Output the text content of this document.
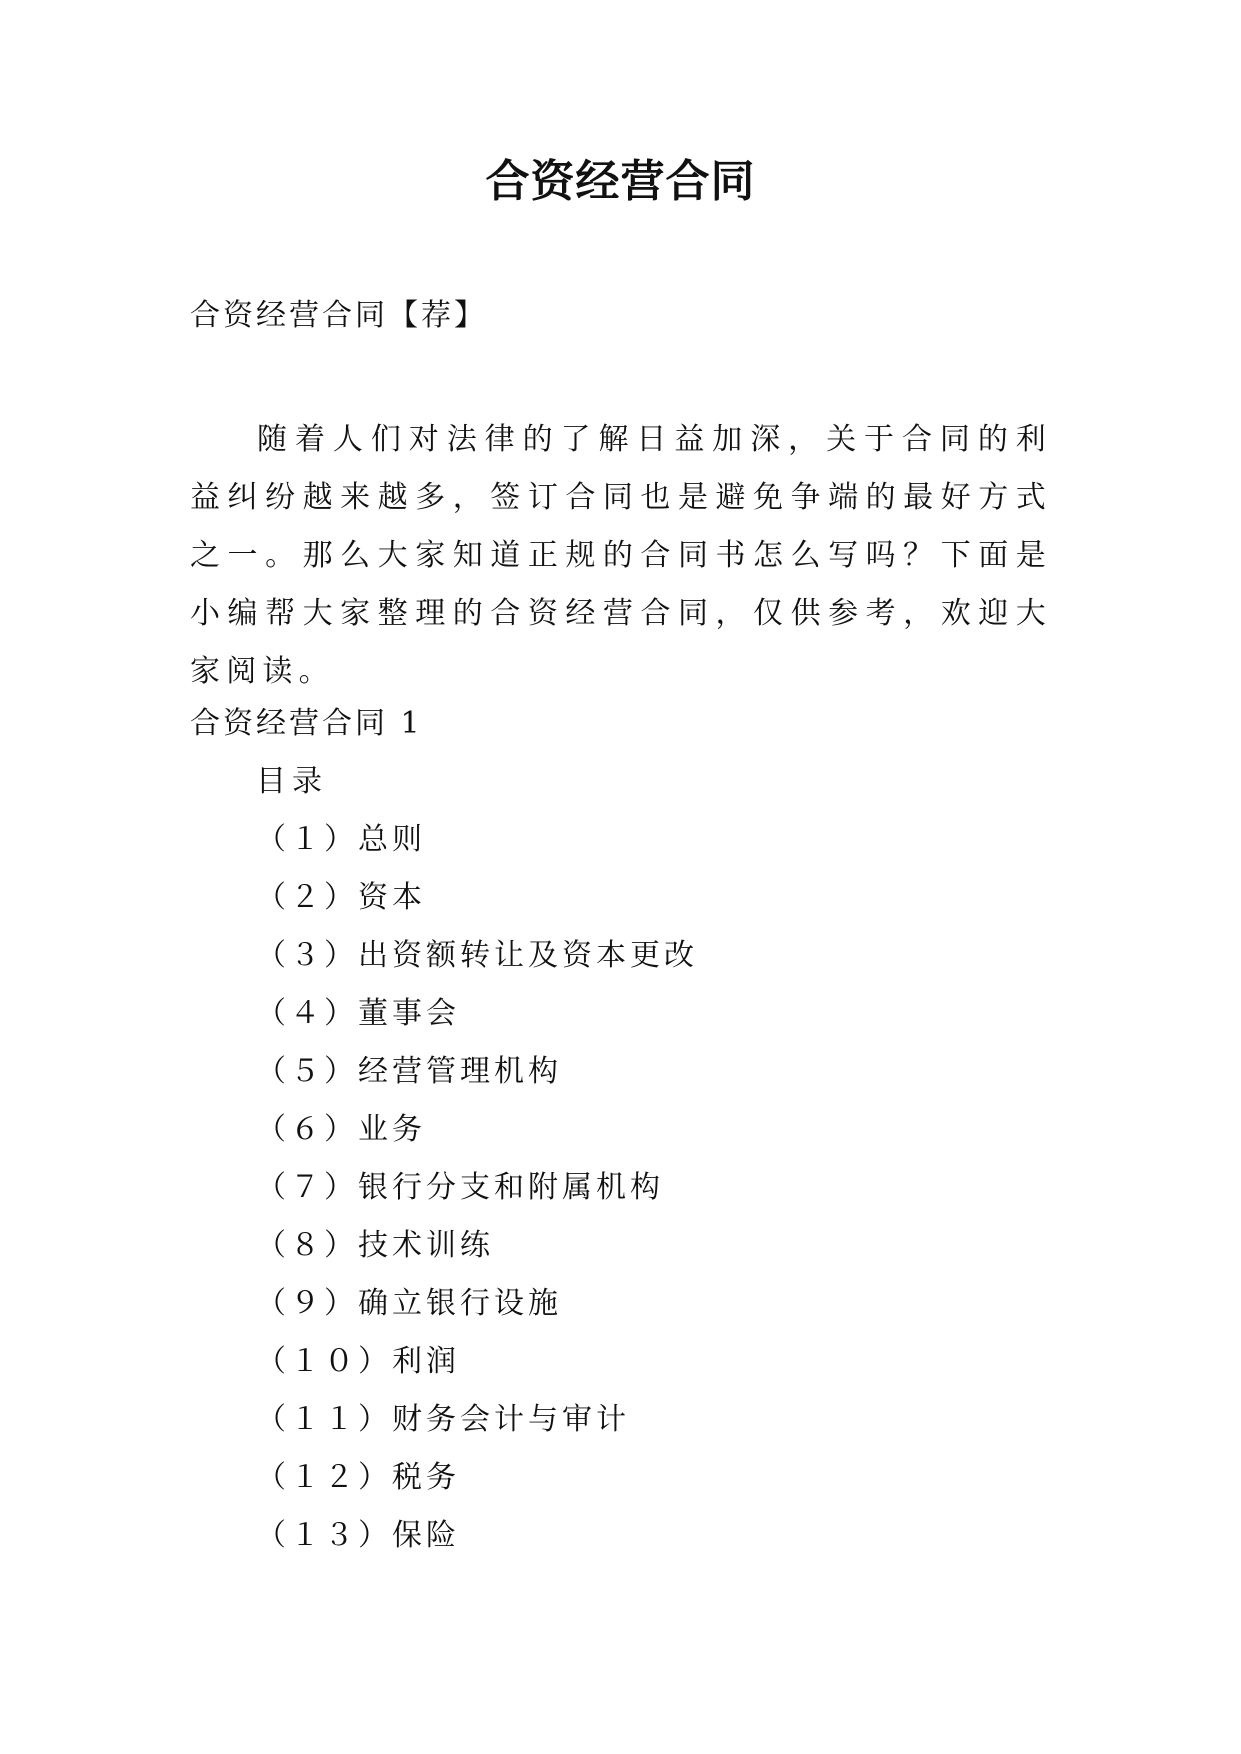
合资经营合同
合资经营合同【荐】
随着人们对法律的了解日益加深，关于合同的利益纠纷越来越多，签订合同也是避免争端的最好方式之一。那么大家知道正规的合同书怎么写吗？下面是小编帮大家整理的合资经营合同，仅供参考，欢迎大家阅读。
合资经营合同 1
目录
（１）总则
（２）资本
（３）出资额转让及资本更改
（４）董事会
（５）经营管理机构
（６）业务
（７）银行分支和附属机构
（８）技术训练
（９）确立银行设施
（１０）利润
（１１）财务会计与审计
（１２）税务
（１３）保险
